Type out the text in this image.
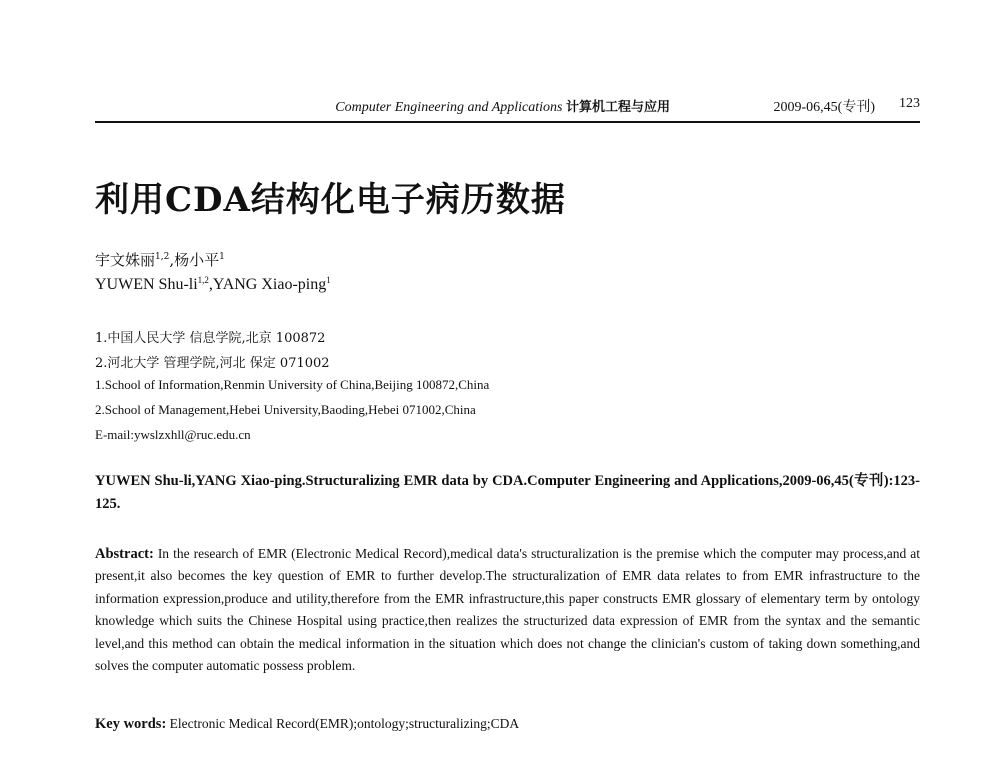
Computer Engineering and Applications 计算机工程与应用	2009-06,45(专刊) 123
利用CDA结构化电子病历数据
宇文姝丽$^{1,2}$,杨小平$^1$
YUWEN Shu-li$^{1,2}$,YANG Xiao-ping$^1$
1.中国人民大学 信息学院,北京 100872
2.河北大学 管理学院,河北 保定 071002
1.School of Information,Renmin University of China,Beijing 100872,China
2.School of Management,Hebei University,Baoding,Hebei 071002,China
E-mail:ywslzxhll@ruc.edu.cn
YUWEN Shu-li,YANG Xiao-ping.Structuralizing EMR data by CDA.Computer Engineering and Applications,2009-06,45(专刊):123-125.
Abstract: In the research of EMR (Electronic Medical Record),medical data's structuralization is the premise which the computer may process,and at present,it also becomes the key question of EMR to further develop.The structuralization of EMR data relates to from EMR infrastructure to the information expression,produce and utility,therefore from the EMR infrastructure,this paper constructs EMR glossary of elementary term by ontology knowledge which suits the Chinese Hospital using practice,then realizes the structurized data expression of EMR from the syntax and the semantic level,and this method can obtain the medical information in the situation which does not change the clinician's custom of taking down something,and solves the computer automatic possess problem.
Key words: Electronic Medical Record(EMR);ontology;structuralizing;CDA
